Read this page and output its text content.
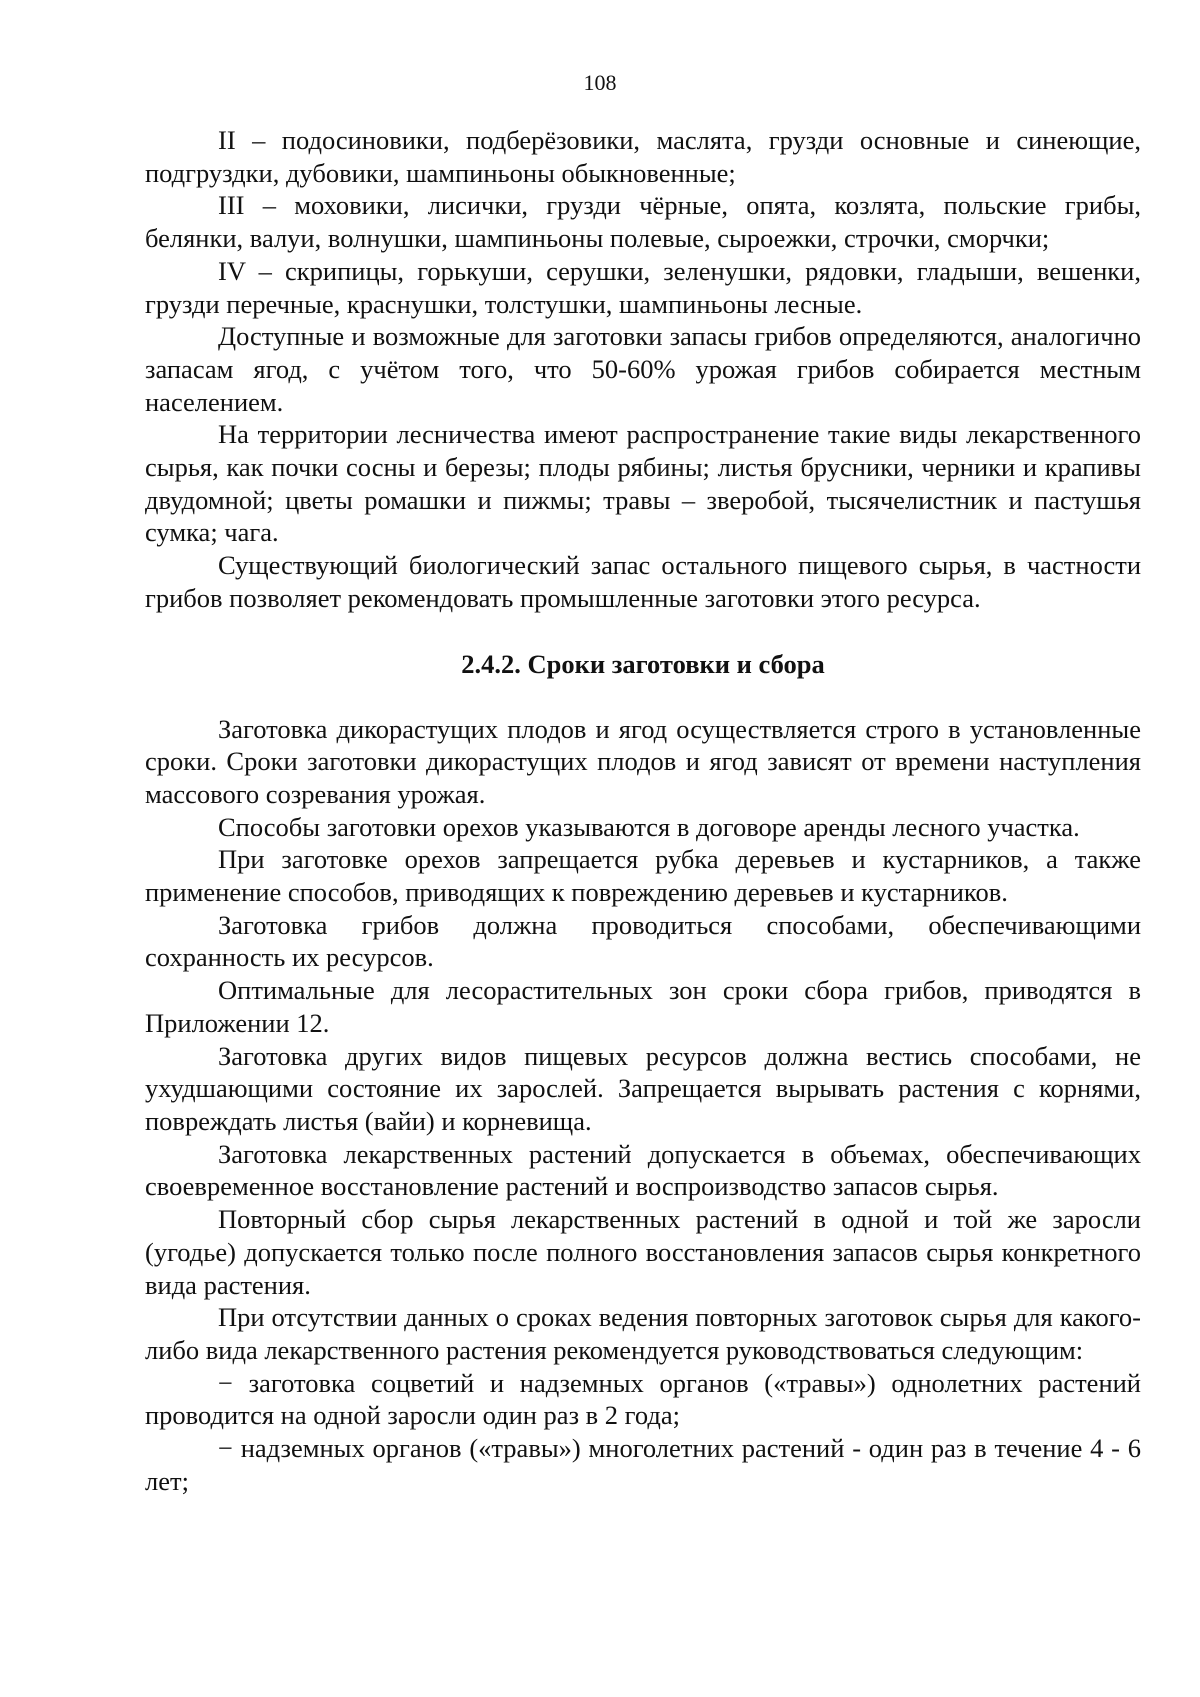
108

II – подосиновики, подберёзовики, маслята, грузди основные и синеющие, подгруздки, дубовики, шампиньоны обыкновенные;

III – моховики, лисички, грузди чёрные, опята, козлята, польские грибы, белянки, валуи, волнушки, шампиньоны полевые, сыроежки, строчки, сморчки;

IV – скрипицы, горькуши, серушки, зеленушки, рядовки, гладыши, вешенки, грузди перечные, краснушки, толстушки, шампиньоны лесные.

Доступные и возможные для заготовки запасы грибов определяются, аналогично запасам ягод, с учётом того, что 50-60% урожая грибов собирается местным населением.

На территории лесничества имеют распространение такие виды лекарственного сырья, как почки сосны и березы; плоды рябины; листья брусники, черники и крапивы двудомной; цветы ромашки и пижмы; травы – зверобой, тысячелистник и пастушья сумка; чага.

Существующий биологический запас остального пищевого сырья, в частности грибов позволяет рекомендовать промышленные заготовки этого ресурса.

2.4.2. Сроки заготовки и сбора

Заготовка дикорастущих плодов и ягод осуществляется строго в установленные сроки. Сроки заготовки дикорастущих плодов и ягод зависят от времени наступления массового созревания урожая.

Способы заготовки орехов указываются в договоре аренды лесного участка.

При заготовке орехов запрещается рубка деревьев и кустарников, а также применение способов, приводящих к повреждению деревьев и кустарников.

Заготовка грибов должна проводиться способами, обеспечивающими сохранность их ресурсов.

Оптимальные для лесорастительных зон сроки сбора грибов, приводятся в Приложении 12.

Заготовка других видов пищевых ресурсов должна вестись способами, не ухудшающими состояние их зарослей. Запрещается вырывать растения с корнями, повреждать листья (вайи) и корневища.

Заготовка лекарственных растений допускается в объемах, обеспечивающих своевременное восстановление растений и воспроизводство запасов сырья.

Повторный сбор сырья лекарственных растений в одной и той же заросли (угодье) допускается только после полного восстановления запасов сырья конкретного вида растения.

При отсутствии данных о сроках ведения повторных заготовок сырья для какого-либо вида лекарственного растения рекомендуется руководствоваться следующим:

− заготовка соцветий и надземных органов («травы») однолетних растений проводится на одной заросли один раз в 2 года;

− надземных органов («травы») многолетних растений - один раз в течение 4 - 6 лет;
